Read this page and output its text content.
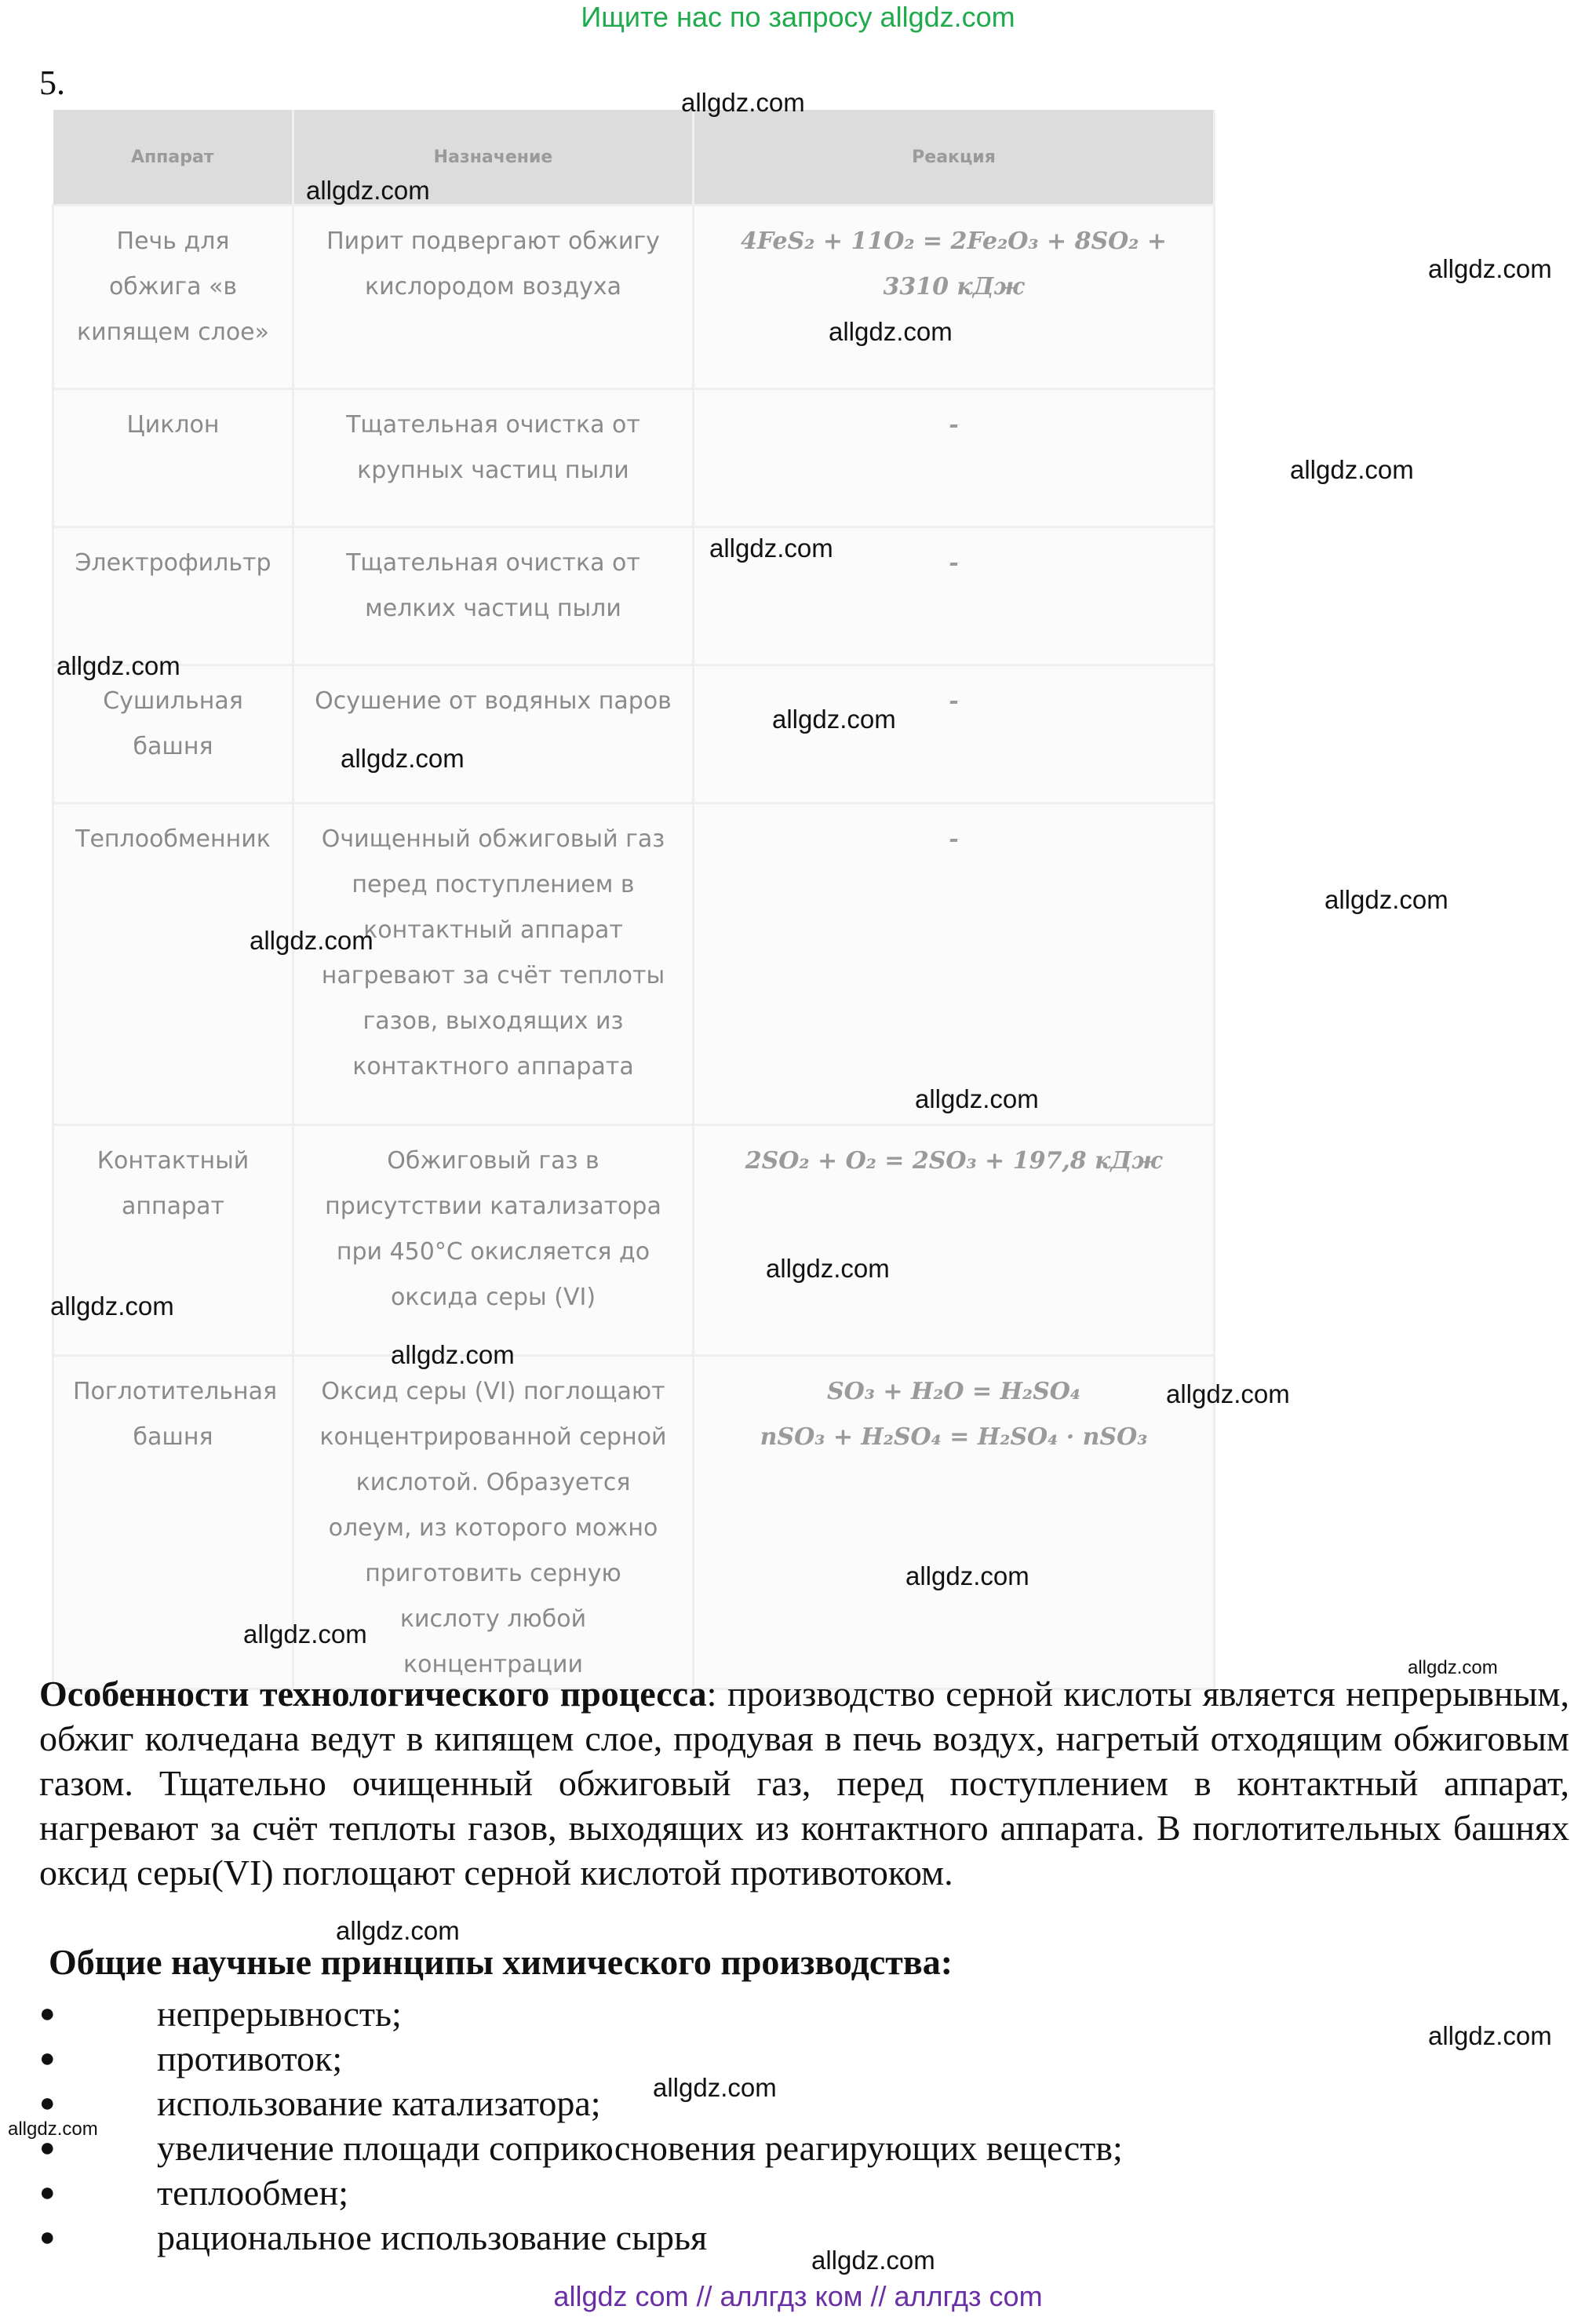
Ищите нас по запросу allgdz.com
5.
Аппарат	Назначение	Реакция
Печь для обжига «в кипящем слое»	Пирит подвергают обжигу кислородом воздуха	4FeS₂ + 11O₂ = 2Fe₂O₃ + 8SO₂ + 3310 кДж

Циклон	Тщательная очистка от крупных частиц пыли	-

Электрофильтр	Тщательная очистка от мелких частиц пыли	-

Сушильная башня	Осушение от водяных паров	-

Теплообменник	Очищенный обжиговый газ перед поступлением в контактный аппарат нагревают за счёт теплоты газов, выходящих из контактного аппарата	-

Контактный аппарат	Обжиговый газ в присутствии катализатора при 450°C окисляется до оксида серы (VI)	2SO₂ + O₂ = 2SO₃ + 197,8 кДж

Поглотительная башня	Оксид серы (VI) поглощают концентрированной серной кислотой. Образуется олеум, из которого можно приготовить серную кислоту любой концентрации	SO₃ + H₂O = H₂SO₄
nSO₃ + H₂SO₄ = H₂SO₄ · nSO₃

Особенности технологического процесса: производство серной кислоты является непрерывным, обжиг колчедана ведут в кипящем слое, продувая в печь воздух, нагретый отходящим обжиговым газом. Тщательно очищенный обжиговый газ, перед поступлением в контактный аппарат, нагревают за счёт теплоты газов, выходящих из контактного аппарата. В поглотительных башнях оксид серы(VI) поглощают серной кислотой противотоком.

Общие научные принципы химического производства:
●	непрерывность;
●	противоток;
●	использование катализатора;
●	увеличение площади соприкосновения реагирующих веществ;
●	теплообмен;
●	рациональное использование сырья
allgdz.com
allgdz.com
allgdz.com
allgdz.com
allgdz.com
allgdz.com
allgdz.com
allgdz.com
allgdz.com
allgdz.com
allgdz.com
allgdz.com
allgdz.com
allgdz.com
allgdz.com
allgdz.com
allgdz.com
allgdz.com
allgdz.com
allgdz.com
allgdz.com
allgdz.com
allgdz.com
allgdz.com
allgdz com // аллгдз ком // аллгдз com
